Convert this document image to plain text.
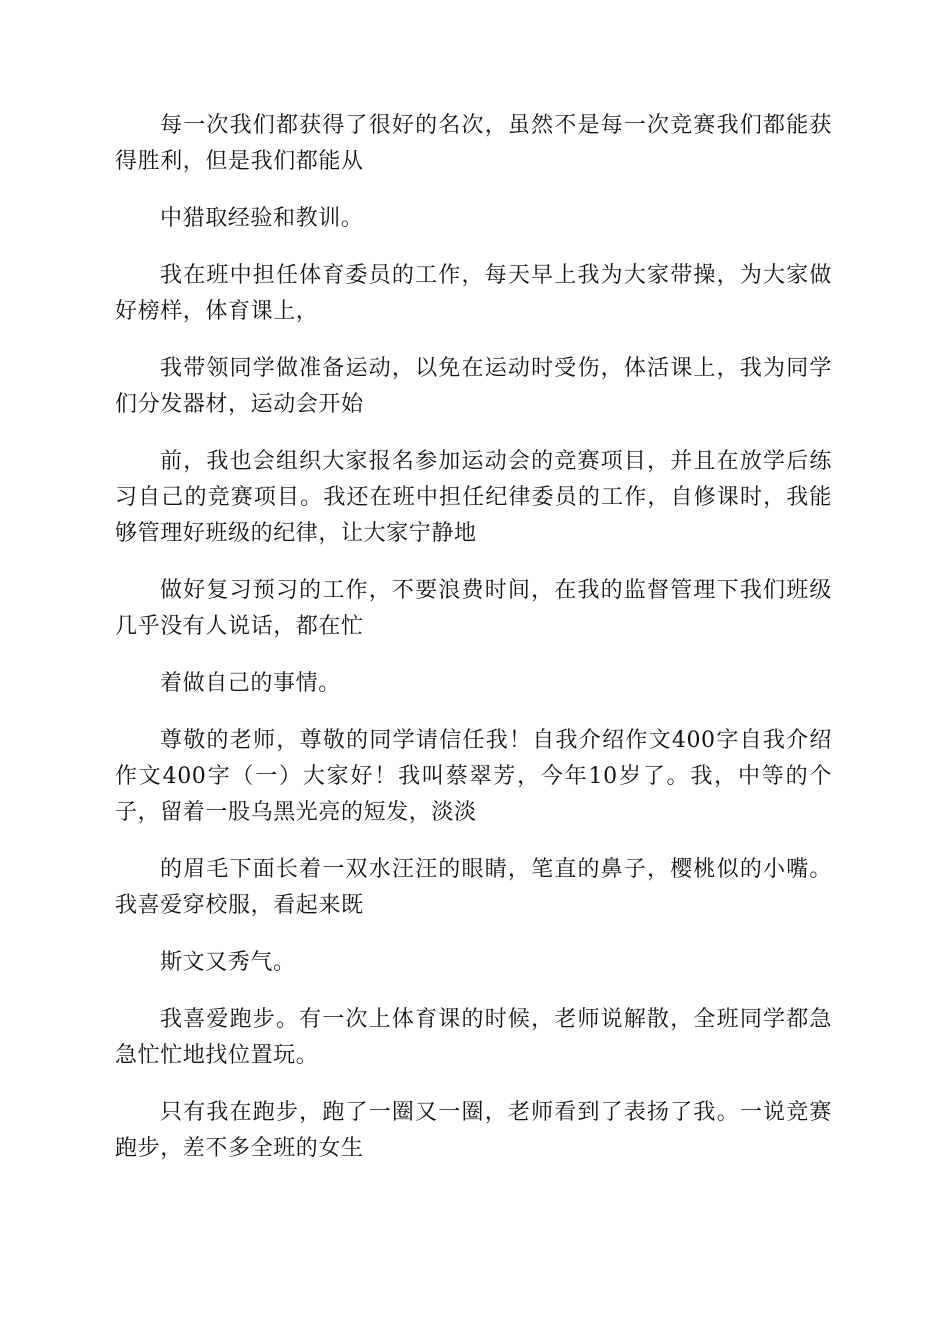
每一次我们都获得了很好的名次，虽然不是每一次竞赛我们都能获得胜利，但是我们都能从

中猎取经验和教训。

我在班中担任体育委员的工作，每天早上我为大家带操，为大家做好榜样，体育课上，

我带领同学做准备运动，以免在运动时受伤，体活课上，我为同学们分发器材，运动会开始

前，我也会组织大家报名参加运动会的竞赛项目，并且在放学后练习自己的竞赛项目。我还在班中担任纪律委员的工作，自修课时，我能够管理好班级的纪律，让大家宁静地

做好复习预习的工作，不要浪费时间，在我的监督管理下我们班级几乎没有人说话，都在忙

着做自己的事情。

尊敬的老师，尊敬的同学请信任我！自我介绍作文400字自我介绍作文400字（一）大家好！我叫蔡翠芳，今年10岁了。我，中等的个子，留着一股乌黑光亮的短发，淡淡

的眉毛下面长着一双水汪汪的眼睛，笔直的鼻子，樱桃似的小嘴。我喜爱穿校服，看起来既

斯文又秀气。

我喜爱跑步。有一次上体育课的时候，老师说解散，全班同学都急急忙忙地找位置玩。

只有我在跑步，跑了一圈又一圈，老师看到了表扬了我。一说竞赛跑步，差不多全班的女生
